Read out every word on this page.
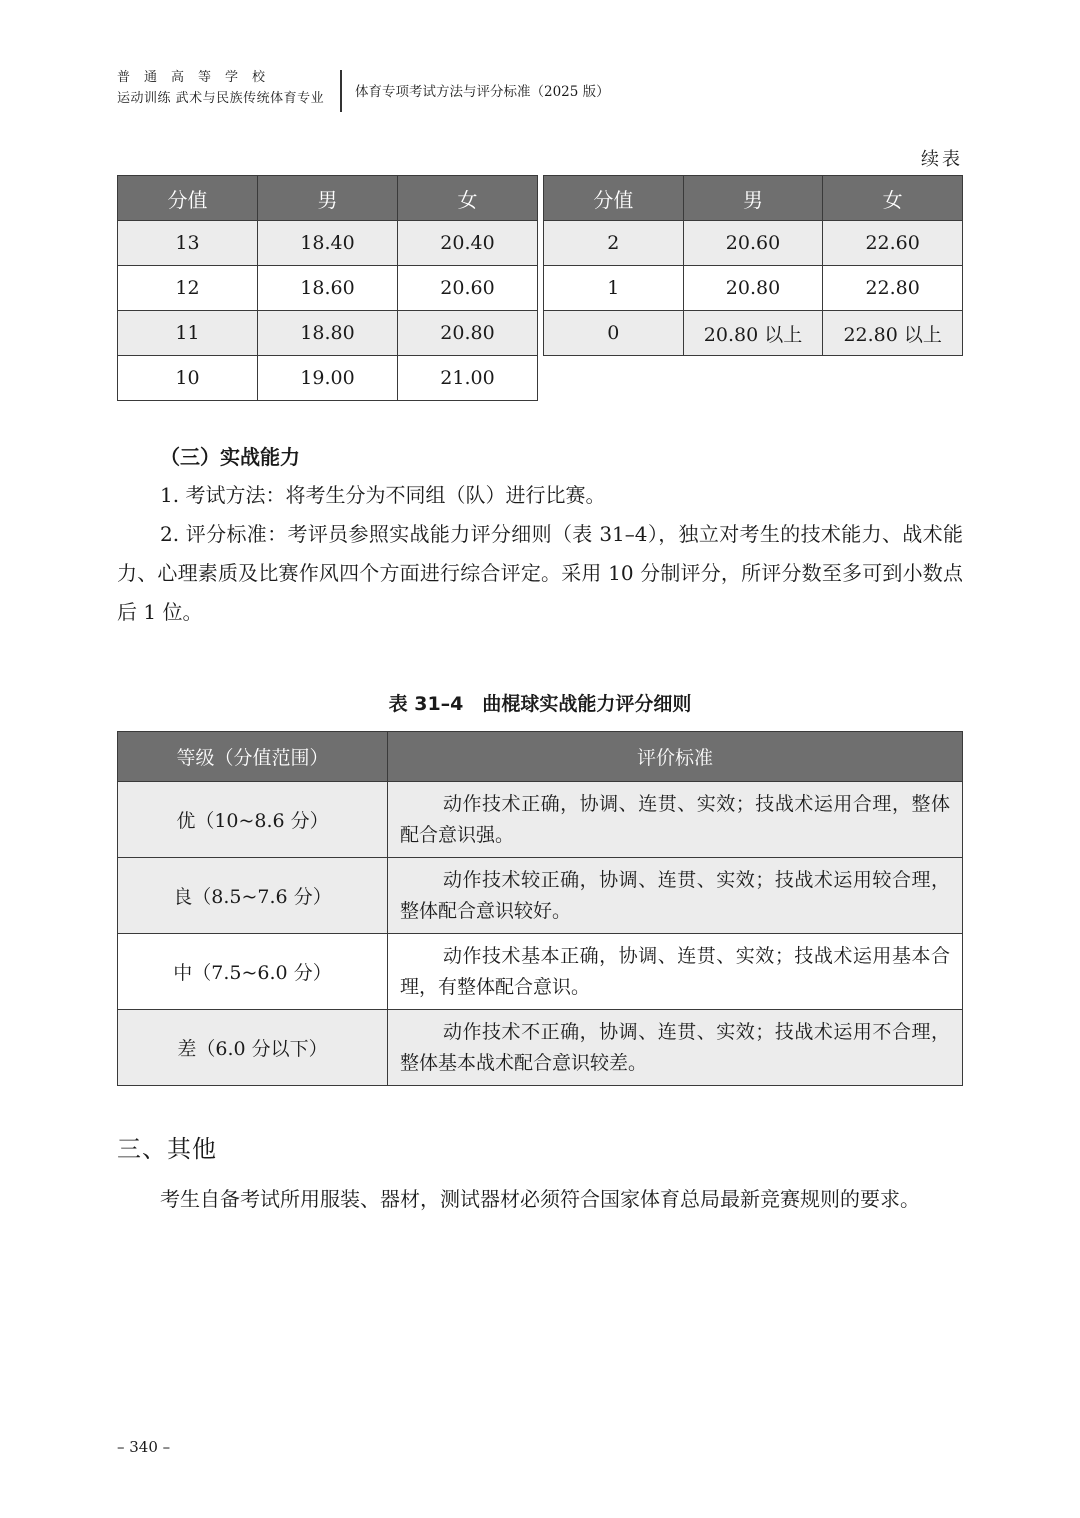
普通高等学校
运动训练 武术与民族传统体育专业 体育专项考试方法与评分标准（2025 版）
续表
分值	男	女
13	18.40	20.40
12	18.60	20.60
11	18.80	20.80
10	19.00	21.00
分值	男	女
2	20.60	22.60
1	20.80	22.80
0	20.80 以上	22.80 以上
（三）实战能力

1. 考试方法：将考生分为不同组（队）进行比赛。

2. 评分标准：考评员参照实战能力评分细则（表 31–4），独立对考生的技术能力、战术能力、心理素质及比赛作风四个方面进行综合评定。采用 10 分制评分，所评分数至多可到小数点后 1 位。

表 31–4　曲棍球实战能力评分细则
等级（分值范围）	评价标准
优（10~8.6 分）	动作技术正确，协调、连贯、实效；技战术运用合理，整体配合意识强。
良（8.5~7.6 分）	动作技术较正确，协调、连贯、实效；技战术运用较合理，整体配合意识较好。
中（7.5~6.0 分）	动作技术基本正确，协调、连贯、实效；技战术运用基本合理，有整体配合意识。
差（6.0 分以下）	动作技术不正确，协调、连贯、实效；技战术运用不合理，整体基本战术配合意识较差。
三、其他

考生自备考试所用服装、器材，测试器材必须符合国家体育总局最新竞赛规则的要求。

– 340 –
